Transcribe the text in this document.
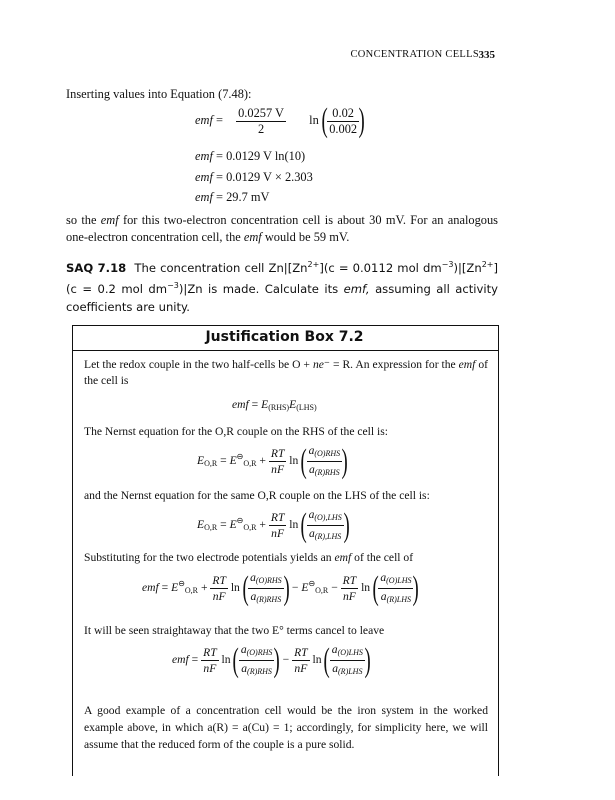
CONCENTRATION CELLS 335
Inserting values into Equation (7.48):
emf = $\frac{0.0257 V}{2}$ ln ( $\frac{0.02}{0.002}$ )
emf = 0.0129 V ln(10)
emf = 0.0129 V × 2.303
emf = 29.7 mV
so the emf for this two-electron concentration cell is about 30 mV. For an analogous one-electron concentration cell, the emf would be 59 mV.
SAQ 7.18 The concentration cell $Zn|[Zn^{2+}](c = 0.0112$ mol $dm^{-3})|[Zn^{2+}] (c = 0.2$ mol $dm^{-3})|Zn$ is made. Calculate its emf, assuming all activity coefficients are unity.
Justification Box 7.2
Let the redox couple in the two half-cells be O + ne⁻ = R. An expression for the emf of the cell is
emf = $E_{(RHS)}E_{(LHS)}$
The Nernst equation for the O,R couple on the RHS of the cell is:
$E_{O,R} = E^⊖_{O,R} + \frac{RT}{nF}$ ln ( $\frac{a_{(O)RHS}}{a_{(R)RHS}}$ )
and the Nernst equation for the same O,R couple on the LHS of the cell is:
$E_{O,R} = E^⊖_{O,R} + \frac{RT}{nF}$ ln ( $\frac{a_{(O),LHS}}{a_{(R),LHS}}$ )
Substituting for the two electrode potentials yields an emf of the cell of
emf = $E^⊖_{O,R} + \frac{RT}{nF}$ ln ( $\frac{a_{(O)RHS}}{a_{(R)RHS}}$ ) − $E^⊖_{O,R} - \frac{RT}{nF}$ ln ( $\frac{a_{(O)LHS}}{a_{(R)LHS}}$ )
It will be seen straightaway that the two E° terms cancel to leave
emf = $\frac{RT}{nF}$ ln ( $\frac{a_{(O)RHS}}{a_{(R)RHS}}$ ) − $\frac{RT}{nF}$ ln ( $\frac{a_{(O)LHS}}{a_{(R)LHS}}$ )
A good example of a concentration cell would be the iron system in the worked example above, in which a(R) = a(Cu) = 1; accordingly, for simplicity here, we will assume that the reduced form of the couple is a pure solid.
